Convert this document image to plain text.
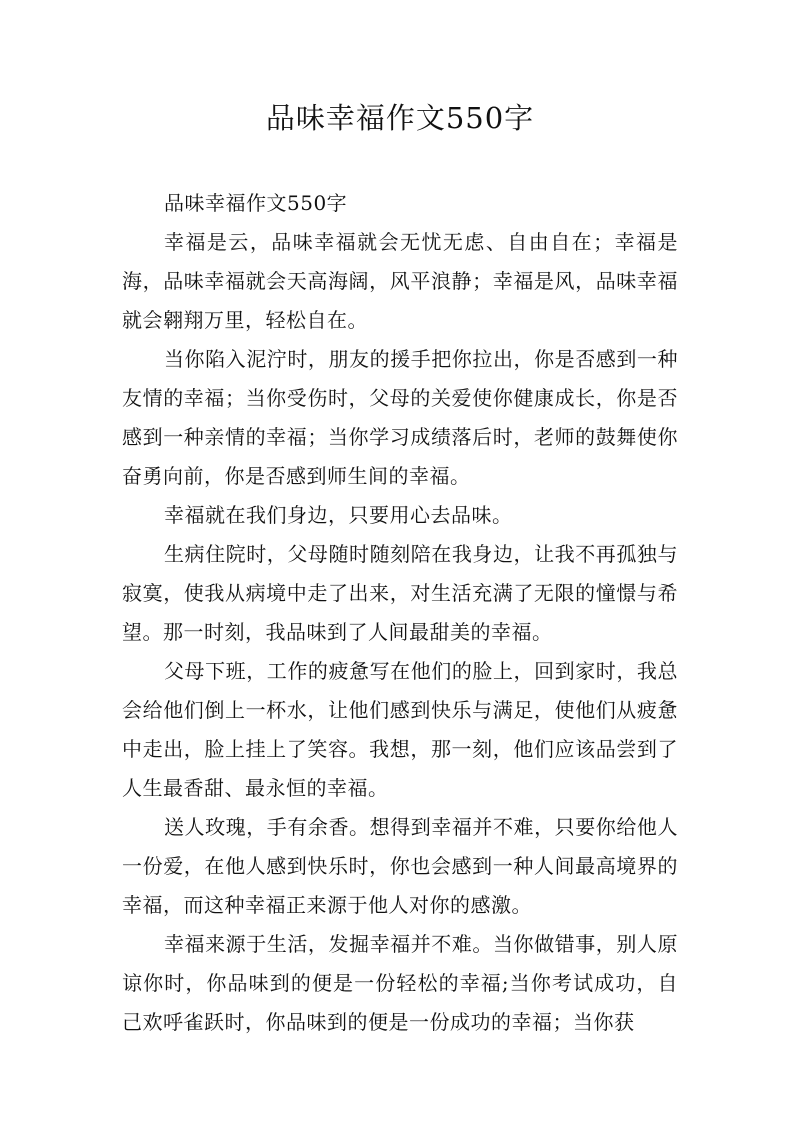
品味幸福作文550字

品味幸福作文550字

幸福是云，品味幸福就会无忧无虑、自由自在；幸福是海，品味幸福就会天高海阔，风平浪静；幸福是风，品味幸福就会翱翔万里，轻松自在。

当你陷入泥泞时，朋友的援手把你拉出，你是否感到一种友情的幸福；当你受伤时，父母的关爱使你健康成长，你是否感到一种亲情的幸福；当你学习成绩落后时，老师的鼓舞使你奋勇向前，你是否感到师生间的幸福。

幸福就在我们身边，只要用心去品味。

生病住院时，父母随时随刻陪在我身边，让我不再孤独与寂寞，使我从病境中走了出来，对生活充满了无限的憧憬与希望。那一时刻，我品味到了人间最甜美的幸福。

父母下班，工作的疲惫写在他们的脸上，回到家时，我总会给他们倒上一杯水，让他们感到快乐与满足，使他们从疲惫中走出，脸上挂上了笑容。我想，那一刻，他们应该品尝到了人生最香甜、最永恒的幸福。

送人玫瑰，手有余香。想得到幸福并不难，只要你给他人一份爱，在他人感到快乐时，你也会感到一种人间最高境界的幸福，而这种幸福正来源于他人对你的感激。

幸福来源于生活，发掘幸福并不难。当你做错事，别人原谅你时，你品味到的便是一份轻松的幸福;当你考试成功，自己欢呼雀跃时，你品味到的便是一份成功的幸福；当你获
